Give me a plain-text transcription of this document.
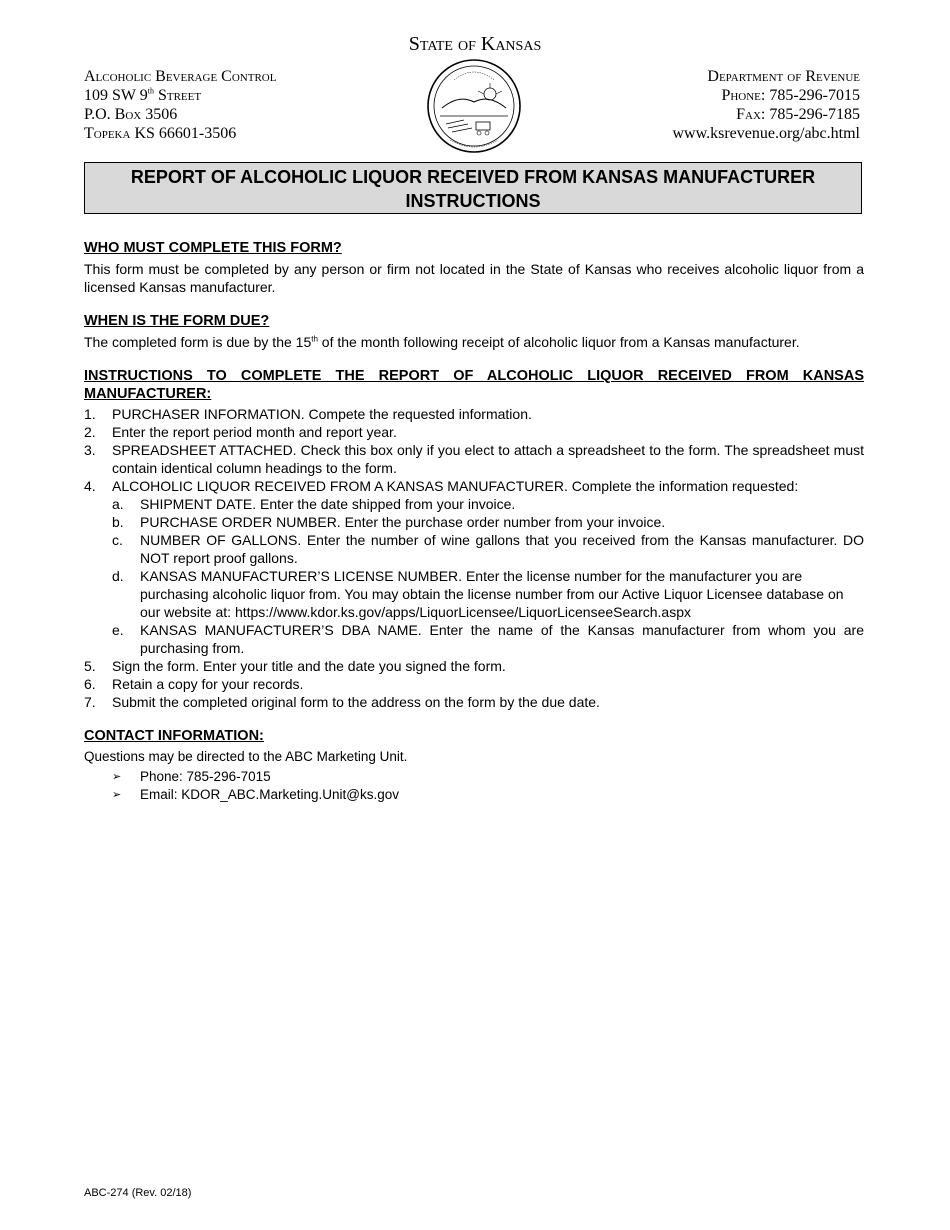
State of Kansas
Alcoholic Beverage Control
109 SW 9th Street
P.O. Box 3506
Topeka KS 66601-3506
Department of Revenue
Phone: 785-296-7015
Fax: 785-296-7185
www.ksrevenue.org/abc.html
REPORT OF ALCOHOLIC LIQUOR RECEIVED FROM KANSAS MANUFACTURER
INSTRUCTIONS
WHO MUST COMPLETE THIS FORM?
This form must be completed by any person or firm not located in the State of Kansas who receives alcoholic liquor from a licensed Kansas manufacturer.
WHEN IS THE FORM DUE?
The completed form is due by the 15th of the month following receipt of alcoholic liquor from a Kansas manufacturer.
INSTRUCTIONS TO COMPLETE THE REPORT OF ALCOHOLIC LIQUOR RECEIVED FROM KANSAS MANUFACTURER:
1.	PURCHASER INFORMATION. Compete the requested information.
2.	Enter the report period month and report year.
3.	SPREADSHEET ATTACHED. Check this box only if you elect to attach a spreadsheet to the form. The spreadsheet must contain identical column headings to the form.
4.	ALCOHOLIC LIQUOR RECEIVED FROM A KANSAS MANUFACTURER. Complete the information requested:
a.	SHIPMENT DATE. Enter the date shipped from your invoice.
b.	PURCHASE ORDER NUMBER. Enter the purchase order number from your invoice.
c.	NUMBER OF GALLONS. Enter the number of wine gallons that you received from the Kansas manufacturer. DO NOT report proof gallons.
d.	KANSAS MANUFACTURER’S LICENSE NUMBER. Enter the license number for the manufacturer you are purchasing alcoholic liquor from. You may obtain the license number from our Active Liquor Licensee database on our website at: https://www.kdor.ks.gov/apps/LiquorLicensee/LiquorLicenseeSearch.aspx
e.	KANSAS MANUFACTURER’S DBA NAME. Enter the name of the Kansas manufacturer from whom you are purchasing from.
5.	Sign the form. Enter your title and the date you signed the form.
6.	Retain a copy for your records.
7.	Submit the completed original form to the address on the form by the due date.
CONTACT INFORMATION:
Questions may be directed to the ABC Marketing Unit.
➢	Phone: 785-296-7015
➢	Email: KDOR_ABC.Marketing.Unit@ks.gov
ABC-274 (Rev. 02/18)
